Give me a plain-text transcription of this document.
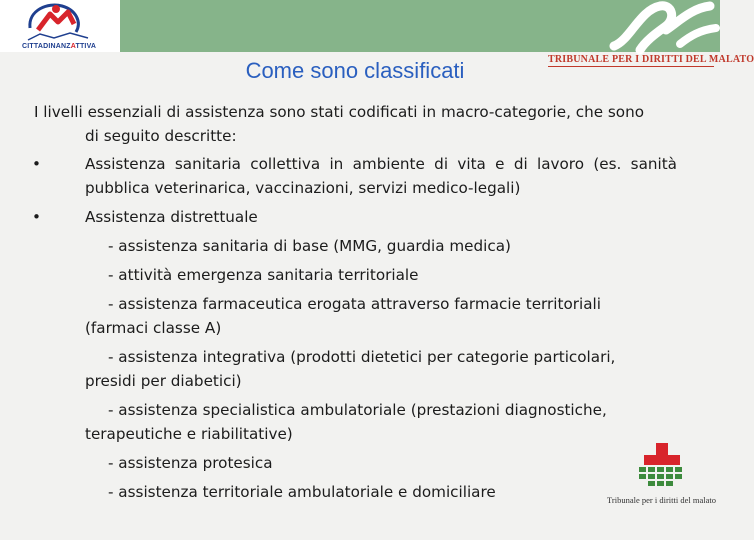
CITTADINANZATTIVA
TRIBUNALE PER I DIRITTI DEL MALATO
Come sono classificati
I livelli essenziali di assistenza sono stati codificati in macro-categorie, che sono
di seguito descritte:
•	Assistenza sanitaria collettiva in ambiente di vita e di lavoro (es. sanità
pubblica veterinarica, vaccinazioni, servizi medico-legali)
•	Assistenza distrettuale
- assistenza sanitaria di base (MMG, guardia medica)
- attività emergenza sanitaria territoriale
- assistenza farmaceutica erogata attraverso farmacie territoriali
(farmaci classe A)
- assistenza integrativa (prodotti dietetici per categorie particolari,
presidi per diabetici)
- assistenza specialistica ambulatoriale (prestazioni diagnostiche,
terapeutiche e riabilitative)
- assistenza protesica
- assistenza territoriale ambulatoriale e domiciliare	Tribunale per i diritti del malato
